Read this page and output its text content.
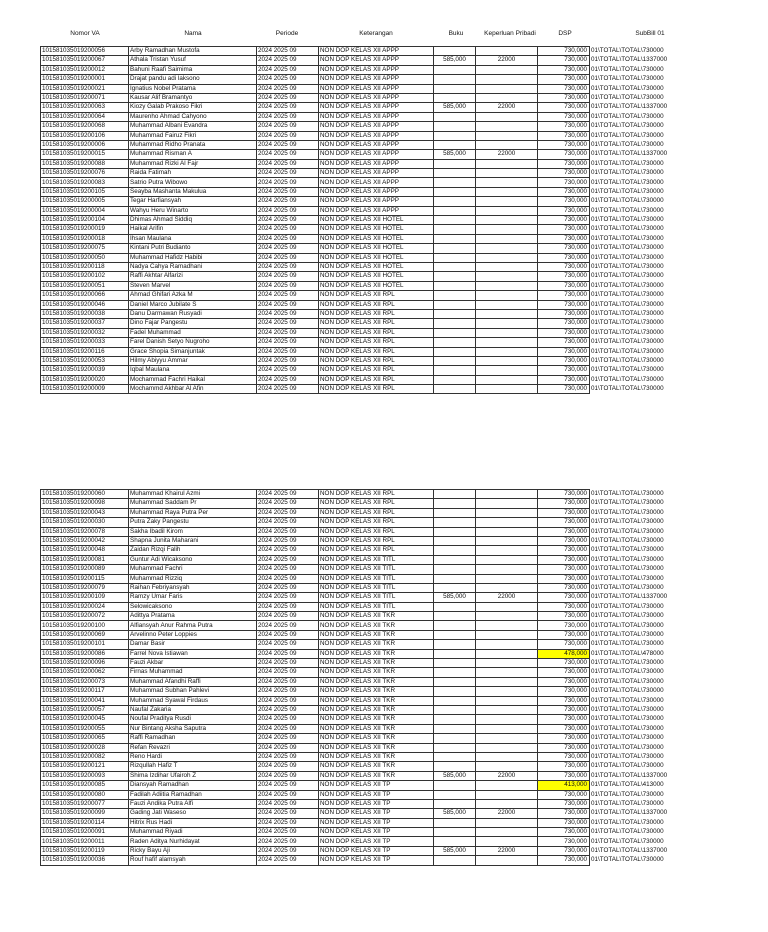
Nomor VA	Nama	Periode	Keterangan	Buku	Keperluan Pribadi	DSP	SubBill 01
101581035019200056	Arby Ramadhan Mustofa	2024 2025 09	NON DOP KELAS XII APPP			730,000	01\TOTAL\TOTAL\730000
101581035019200067	Athala Tristan Yusuf	2024 2025 09	NON DOP KELAS XII APPP	585,000	22000	730,000	01\TOTAL\TOTAL\1337000
101581035019200012	Bahuni Raafi Saimima	2024 2025 09	NON DOP KELAS XII APPP			730,000	01\TOTAL\TOTAL\730000
101581035019200001	Drajat pandu adi laksono	2024 2025 09	NON DOP KELAS XII APPP			730,000	01\TOTAL\TOTAL\730000
101581035019200021	Ignatius Nobel Pratama	2024 2025 09	NON DOP KELAS XII APPP			730,000	01\TOTAL\TOTAL\730000
101581035019200071	Kausar Alif Bramantyo	2024 2025 09	NON DOP KELAS XII APPP			730,000	01\TOTAL\TOTAL\730000
101581035019200063	Kiozy Galab Prakoso Fikri	2024 2025 09	NON DOP KELAS XII APPP	585,000	22000	730,000	01\TOTAL\TOTAL\1337000
101581035019200064	Maurenho Ahmad Cahyono	2024 2025 09	NON DOP KELAS XII APPP			730,000	01\TOTAL\TOTAL\730000
101581035019200068	Muhammad Albani Evandra	2024 2025 09	NON DOP KELAS XII APPP			730,000	01\TOTAL\TOTAL\730000
101581035019200106	Muhammad Fairuz Fikri	2024 2025 09	NON DOP KELAS XII APPP			730,000	01\TOTAL\TOTAL\730000
101581035019200006	Muhammad Ridho Pranata	2024 2025 09	NON DOP KELAS XII APPP			730,000	01\TOTAL\TOTAL\730000
101581035019200015	Muhammad Risman A	2024 2025 09	NON DOP KELAS XII APPP	585,000	22000	730,000	01\TOTAL\TOTAL\1337000
101581035019200088	Muhammad Rizki Al Fajr	2024 2025 09	NON DOP KELAS XII APPP			730,000	01\TOTAL\TOTAL\730000
101581035019200076	Raida Fatimah	2024 2025 09	NON DOP KELAS XII APPP			730,000	01\TOTAL\TOTAL\730000
101581035019200083	Satrio Putra Wibowo	2024 2025 09	NON DOP KELAS XII APPP			730,000	01\TOTAL\TOTAL\730000
101581035019200105	Seayba Mashanta Makulua	2024 2025 09	NON DOP KELAS XII APPP			730,000	01\TOTAL\TOTAL\730000
101581035019200005	Tegar Harfiansyah	2024 2025 09	NON DOP KELAS XII APPP			730,000	01\TOTAL\TOTAL\730000
101581035019200004	Wahyu Heru Winarto	2024 2025 09	NON DOP KELAS XII APPP			730,000	01\TOTAL\TOTAL\730000
101581035019200104	Dhimas Ahmad Siddiq	2024 2025 09	NON DOP KELAS XII HOTEL			730,000	01\TOTAL\TOTAL\730000
101581035019200019	Haikal Arifin	2024 2025 09	NON DOP KELAS XII HOTEL			730,000	01\TOTAL\TOTAL\730000
101581035019200018	Ihsan Maulana	2024 2025 09	NON DOP KELAS XII HOTEL			730,000	01\TOTAL\TOTAL\730000
101581035019200075	Kintani Putri Budianto	2024 2025 09	NON DOP KELAS XII HOTEL			730,000	01\TOTAL\TOTAL\730000
101581035019200050	Muhammad Hafidz Habibi	2024 2025 09	NON DOP KELAS XII HOTEL			730,000	01\TOTAL\TOTAL\730000
101581035019200118	Nadya Cahya Ramadhani	2024 2025 09	NON DOP KELAS XII HOTEL			730,000	01\TOTAL\TOTAL\730000
101581035019200102	Raffi Akhtar Alfarizi	2024 2025 09	NON DOP KELAS XII HOTEL			730,000	01\TOTAL\TOTAL\730000
101581035019200051	Steven Marvel	2024 2025 09	NON DOP KELAS XII HOTEL			730,000	01\TOTAL\TOTAL\730000
101581035019200066	Ahmad Ghifari Azka M	2024 2025 09	NON DOP KELAS XII RPL			730,000	01\TOTAL\TOTAL\730000
101581035019200046	Daniel Marco Jubilate S	2024 2025 09	NON DOP KELAS XII RPL			730,000	01\TOTAL\TOTAL\730000
101581035019200038	Danu Darmawan Rusyadi	2024 2025 09	NON DOP KELAS XII RPL			730,000	01\TOTAL\TOTAL\730000
101581035019200037	Dino Fajar Pangestu	2024 2025 09	NON DOP KELAS XII RPL			730,000	01\TOTAL\TOTAL\730000
101581035019200032	Fadel Muhammad	2024 2025 09	NON DOP KELAS XII RPL			730,000	01\TOTAL\TOTAL\730000
101581035019200033	Farel Danish Setyo Nugroho	2024 2025 09	NON DOP KELAS XII RPL			730,000	01\TOTAL\TOTAL\730000
101581035019200116	Grace Shopia Simanjuntak	2024 2025 09	NON DOP KELAS XII RPL			730,000	01\TOTAL\TOTAL\730000
101581035019200053	Hilmy Abiyyu Ammar	2024 2025 09	NON DOP KELAS XII RPL			730,000	01\TOTAL\TOTAL\730000
101581035019200039	Iqbal Maulana	2024 2025 09	NON DOP KELAS XII RPL			730,000	01\TOTAL\TOTAL\730000
101581035019200020	Mochammad Fachri Haikal	2024 2025 09	NON DOP KELAS XII RPL			730,000	01\TOTAL\TOTAL\730000
101581035019200009	Mochammd Akhbar Al Afin	2024 2025 09	NON DOP KELAS XII RPL			730,000	01\TOTAL\TOTAL\730000
101581035019200060	Muhammad Khairul Azmi	2024 2025 09	NON DOP KELAS XII RPL			730,000	01\TOTAL\TOTAL\730000
101581035019200098	Muhammad Saddam Pr	2024 2025 09	NON DOP KELAS XII RPL			730,000	01\TOTAL\TOTAL\730000
101581035019200043	Muhammad Raya Putra Per	2024 2025 09	NON DOP KELAS XII RPL			730,000	01\TOTAL\TOTAL\730000
101581035019200030	Putra Zaky Pangestu	2024 2025 09	NON DOP KELAS XII RPL			730,000	01\TOTAL\TOTAL\730000
101581035019200078	Sakha Ibadil Kirom	2024 2025 09	NON DOP KELAS XII RPL			730,000	01\TOTAL\TOTAL\730000
101581035019200042	Shapna Junita Maharani	2024 2025 09	NON DOP KELAS XII RPL			730,000	01\TOTAL\TOTAL\730000
101581035019200048	Zaidan Rizqi Falih	2024 2025 09	NON DOP KELAS XII RPL			730,000	01\TOTAL\TOTAL\730000
101581035019200081	Guntur Adi Wicaksono	2024 2025 09	NON DOP KELAS XII TITL			730,000	01\TOTAL\TOTAL\730000
101581035019200089	Muhammad Fachri	2024 2025 09	NON DOP KELAS XII TITL			730,000	01\TOTAL\TOTAL\730000
101581035019200115	Muhammad Rizziq	2024 2025 09	NON DOP KELAS XII TITL			730,000	01\TOTAL\TOTAL\730000
101581035019200079	Raihan Febriyansyah	2024 2025 09	NON DOP KELAS XII TITL			730,000	01\TOTAL\TOTAL\730000
101581035019200109	Ramzy Umar Faris	2024 2025 09	NON DOP KELAS XII TITL	585,000	22000	730,000	01\TOTAL\TOTAL\1337000
101581035019200024	Selowicaksono	2024 2025 09	NON DOP KELAS XII TITL			730,000	01\TOTAL\TOTAL\730000
101581035019200072	Adittya Pratama	2024 2025 09	NON DOP KELAS XII TKR			730,000	01\TOTAL\TOTAL\730000
101581035019200100	Alfiansyah Anur Rahma Putra	2024 2025 09	NON DOP KELAS XII TKR			730,000	01\TOTAL\TOTAL\730000
101581035019200069	Arvelinno Peter Loppies	2024 2025 09	NON DOP KELAS XII TKR			730,000	01\TOTAL\TOTAL\730000
101581035019200101	Damar Basir	2024 2025 09	NON DOP KELAS XII TKR			730,000	01\TOTAL\TOTAL\730000
101581035019200086	Farrel Nova Istiawan	2024 2025 09	NON DOP KELAS XII TKR			478,000	01\TOTAL\TOTAL\478000
101581035019200096	Fauzi Akbar	2024 2025 09	NON DOP KELAS XII TKR			730,000	01\TOTAL\TOTAL\730000
101581035019200062	Firnas Muhammad	2024 2025 09	NON DOP KELAS XII TKR			730,000	01\TOTAL\TOTAL\730000
101581035019200073	Muhammad Afandhi Raffi	2024 2025 09	NON DOP KELAS XII TKR			730,000	01\TOTAL\TOTAL\730000
101581035019200117	Muhammad Subhan Pahlevi	2024 2025 09	NON DOP KELAS XII TKR			730,000	01\TOTAL\TOTAL\730000
101581035019200041	Muhammad Syawal Firdaus	2024 2025 09	NON DOP KELAS XII TKR			730,000	01\TOTAL\TOTAL\730000
101581035019200057	Naufal Zakaria	2024 2025 09	NON DOP KELAS XII TKR			730,000	01\TOTAL\TOTAL\730000
101581035019200045	Noufal Praditya Rusdi	2024 2025 09	NON DOP KELAS XII TKR			730,000	01\TOTAL\TOTAL\730000
101581035019200055	Nur Bintang Aksha Saputra	2024 2025 09	NON DOP KELAS XII TKR			730,000	01\TOTAL\TOTAL\730000
101581035019200065	Raffi Ramadhan	2024 2025 09	NON DOP KELAS XII TKR			730,000	01\TOTAL\TOTAL\730000
101581035019200028	Refan Revazri	2024 2025 09	NON DOP KELAS XII TKR			730,000	01\TOTAL\TOTAL\730000
101581035019200082	Reno Hardi	2024 2025 09	NON DOP KELAS XII TKR			730,000	01\TOTAL\TOTAL\730000
101581035019200121	Rizqullah Hafiz T	2024 2025 09	NON DOP KELAS XII TKR			730,000	01\TOTAL\TOTAL\730000
101581035019200093	Shima Izdihar Ufairoh Z	2024 2025 09	NON DOP KELAS XII TKR	585,000	22000	730,000	01\TOTAL\TOTAL\1337000
101581035019200085	Diansyah Ramadhan	2024 2025 09	NON DOP KELAS XII TP			413,000	01\TOTAL\TOTAL\413000
101581035019200080	Fadilah Adiitia Ramadhan	2024 2025 09	NON DOP KELAS XII TP			730,000	01\TOTAL\TOTAL\730000
101581035019200077	Fauzi Andika Putra Alfi	2024 2025 09	NON DOP KELAS XII TP			730,000	01\TOTAL\TOTAL\730000
101581035019200099	Gading Jati Waseso	2024 2025 09	NON DOP KELAS XII TP	585,000	22000	730,000	01\TOTAL\TOTAL\1337000
101581035019200114	Hitrix Rus Hadi	2024 2025 09	NON DOP KELAS XII TP			730,000	01\TOTAL\TOTAL\730000
101581035019200091	Muhammad Riyadi	2024 2025 09	NON DOP KELAS XII TP			730,000	01\TOTAL\TOTAL\730000
101581035019200011	Raden Aditya Nurhidayat	2024 2025 09	NON DOP KELAS XII TP			730,000	01\TOTAL\TOTAL\730000
101581035019200119	Ricky Bayu Aji	2024 2025 09	NON DOP KELAS XII TP	585,000	22000	730,000	01\TOTAL\TOTAL\1337000
101581035019200036	Rouf hafif alamsyah	2024 2025 09	NON DOP KELAS XII TP			730,000	01\TOTAL\TOTAL\730000
